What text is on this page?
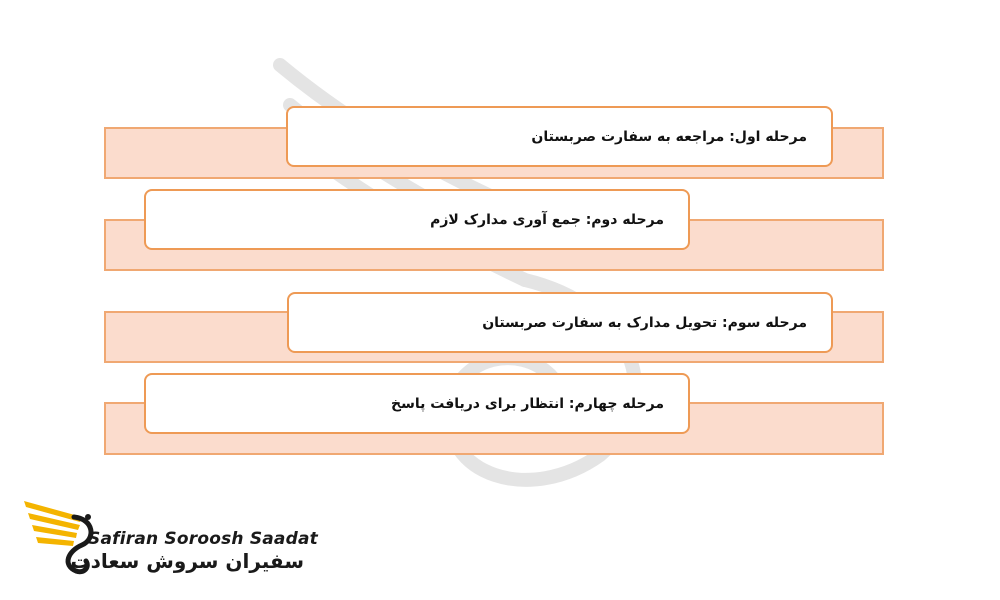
مرحله اول: مراجعه به سفارت صربستان
مرحله دوم: جمع آوری مدارک لازم
مرحله سوم: تحویل مدارک به سفارت صربستان
مرحله چهارم: انتظار برای دریافت پاسخ
Safiran Soroosh Saadat
سفیران سروش سعادت
